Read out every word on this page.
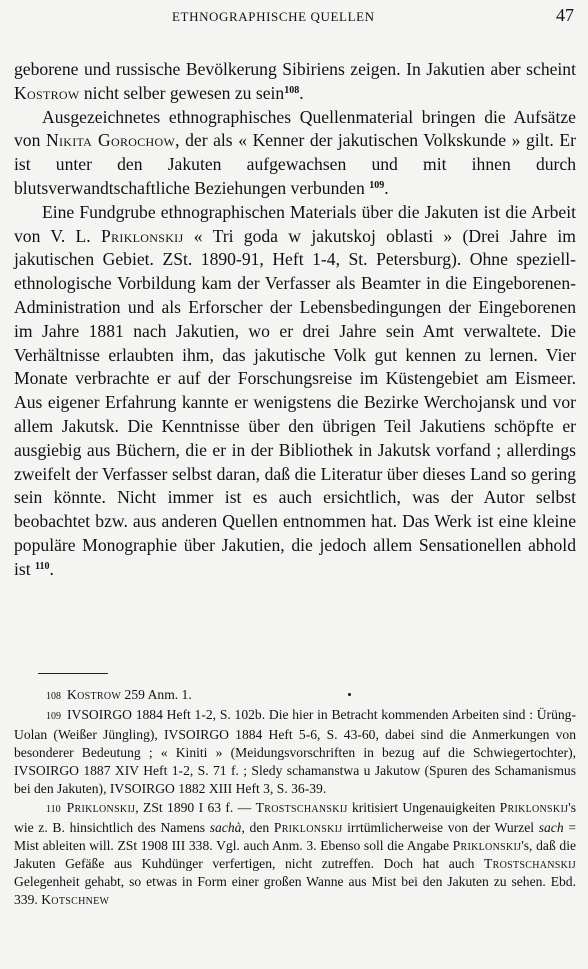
ETHNOGRAPHISCHE QUELLEN	47

geborene und russische Bevölkerung Sibiriens zeigen. In Jakutien aber scheint Kostrow nicht selber gewesen zu sein$^{108}$.

Ausgezeichnetes ethnographisches Quellenmaterial bringen die Aufsätze von Nikita Gorochow, der als « Kenner der jakutischen Volkskunde » gilt. Er ist unter den Jakuten aufgewachsen und mit ihnen durch blutsverwandtschaftliche Beziehungen verbunden $^{109}$.

Eine Fundgrube ethnographischen Materials über die Jakuten ist die Arbeit von V. L. Priklonskij « Tri goda w jakutskoj oblasti » (Drei Jahre im jakutischen Gebiet. ZSt. 1890-91, Heft 1-4, St. Petersburg). Ohne speziell-ethnologische Vorbildung kam der Verfasser als Beamter in die Eingeborenen-Administration und als Erforscher der Lebensbedingungen der Eingeborenen im Jahre 1881 nach Jakutien, wo er drei Jahre sein Amt verwaltete. Die Verhältnisse erlaubten ihm, das jakutische Volk gut kennen zu lernen. Vier Monate verbrachte er auf der Forschungsreise im Küstengebiet am Eismeer. Aus eigener Erfahrung kannte er wenigstens die Bezirke Werchojansk und vor allem Jakutsk. Die Kenntnisse über den übrigen Teil Jakutiens schöpfte er ausgiebig aus Büchern, die er in der Bibliothek in Jakutsk vorfand ; allerdings zweifelt der Verfasser selbst daran, daß die Literatur über dieses Land so gering sein könnte. Nicht immer ist es auch ersichtlich, was der Autor selbst beobachtet bzw. aus anderen Quellen entnommen hat. Das Werk ist eine kleine populäre Monographie über Jakutien, die jedoch allem Sensationellen abhold ist $^{110}$.

108 Kostrow 259 Anm. 1.

109 IVSOIRGO 1884 Heft 1-2, S. 102b. Die hier in Betracht kommenden Arbeiten sind : Ürüng-Uolan (Weißer Jüngling), IVSOIRGO 1884 Heft 5-6, S. 43-60, dabei sind die Anmerkungen von besonderer Bedeutung ; « Kiniti » (Meidungsvorschriften in bezug auf die Schwiegertochter), IVSOIRGO 1887 XIV Heft 1-2, S. 71 f. ; Sledy schamanstwa u Jakutow (Spuren des Schamanismus bei den Jakuten), IVSOIRGO 1882 XIII Heft 3, S. 36-39.

110 Priklonskij, ZSt 1890 I 63 f. — Trostschanskij kritisiert Ungenauigkeiten Priklonskij's wie z. B. hinsichtlich des Namens sachà, den Priklonskij irrtümlicherweise von der Wurzel sach = Mist ableiten will. ZSt 1908 III 338. Vgl. auch Anm. 3. Ebenso soll die Angabe Priklonskij's, daß die Jakuten Gefäße aus Kuhdünger verfertigen, nicht zutreffen. Doch hat auch Trostschanskij Gelegenheit gehabt, so etwas in Form einer großen Wanne aus Mist bei den Jakuten zu sehen. Ebd. 339. Kotschnew
